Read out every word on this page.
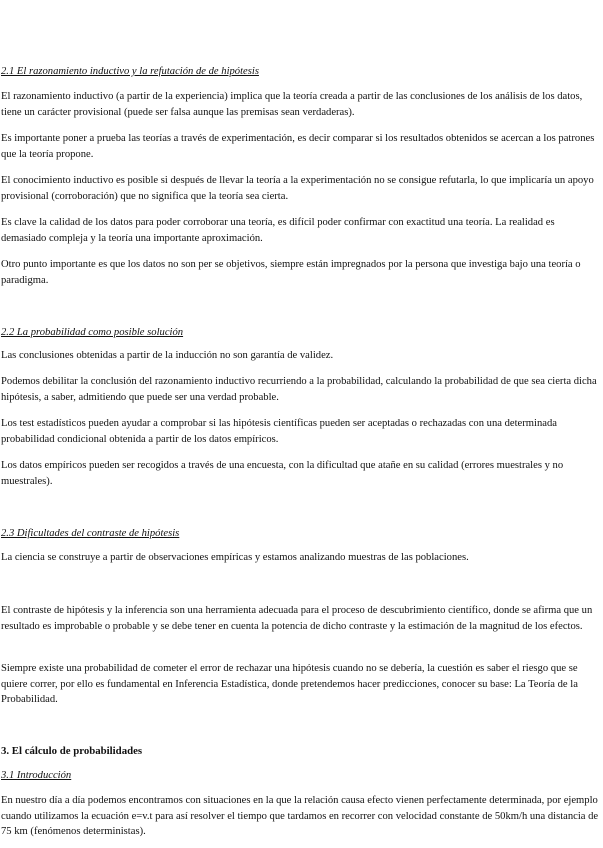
2.1 El razonamiento inductivo y la refutación de de hipótesis

El razonamiento inductivo (a partir de la experiencia) implica que la teoría creada a partir de las conclusiones de los análisis de los datos, tiene un carácter provisional (puede ser falsa aunque las premisas sean verdaderas).

Es importante poner a prueba las teorías a través de experimentación, es decir comparar si los resultados obtenidos se acercan a los patrones que la teoría propone.

El conocimiento inductivo es posible si después de llevar la teoría a la experimentación no se consigue refutarla, lo que implicaría un apoyo provisional (corroboración) que no significa que la teoría sea cierta.

Es clave la calidad de los datos para poder corroborar una teoría, es difícil poder confirmar con exactitud una teoría. La realidad es demasiado compleja y la teoría una importante aproximación.

Otro punto importante es que los datos no son per se objetivos, siempre están impregnados por la persona que investiga bajo una teoría o paradigma.

2.2 La probabilidad como posible solución

Las conclusiones obtenidas a partir de la inducción no son garantía de validez.

Podemos debilitar la conclusión del razonamiento inductivo recurriendo a la probabilidad, calculando la probabilidad de que sea cierta dicha hipótesis, a saber, admitiendo que puede ser una verdad probable.

Los test estadísticos pueden ayudar a comprobar si las hipótesis científicas pueden ser aceptadas o rechazadas con una determinada probabilidad condicional obtenida a partir de los datos empíricos.

Los datos empíricos pueden ser recogidos a través de una encuesta, con la dificultad que atañe en su calidad (errores muestrales y no muestrales).

2.3 Dificultades del contraste de hipótesis

La ciencia se construye a partir de observaciones empíricas y estamos analizando muestras de las poblaciones.

El contraste de hipótesis y la inferencia son una herramienta adecuada para el proceso de descubrimiento científico, donde se afirma que un resultado es improbable o probable y se debe tener en cuenta la potencia de dicho contraste y la estimación de la magnitud de los efectos.

Siempre existe una probabilidad de cometer el error de rechazar una hipótesis cuando no se debería, la cuestión es saber el riesgo que se quiere correr, por ello es fundamental en Inferencia Estadística, donde pretendemos hacer predicciones, conocer su base: La Teoría de la Probabilidad.

3. El cálculo de probabilidades

3.1 Introducción

En nuestro día a día podemos encontramos con situaciones en la que la relación causa efecto vienen perfectamente determinada, por ejemplo cuando utilizamos la ecuación e=v.t para así resolver el tiempo que tardamos en recorrer con velocidad constante de 50km/h una distancia de 75 km (fenómenos deterministas).
